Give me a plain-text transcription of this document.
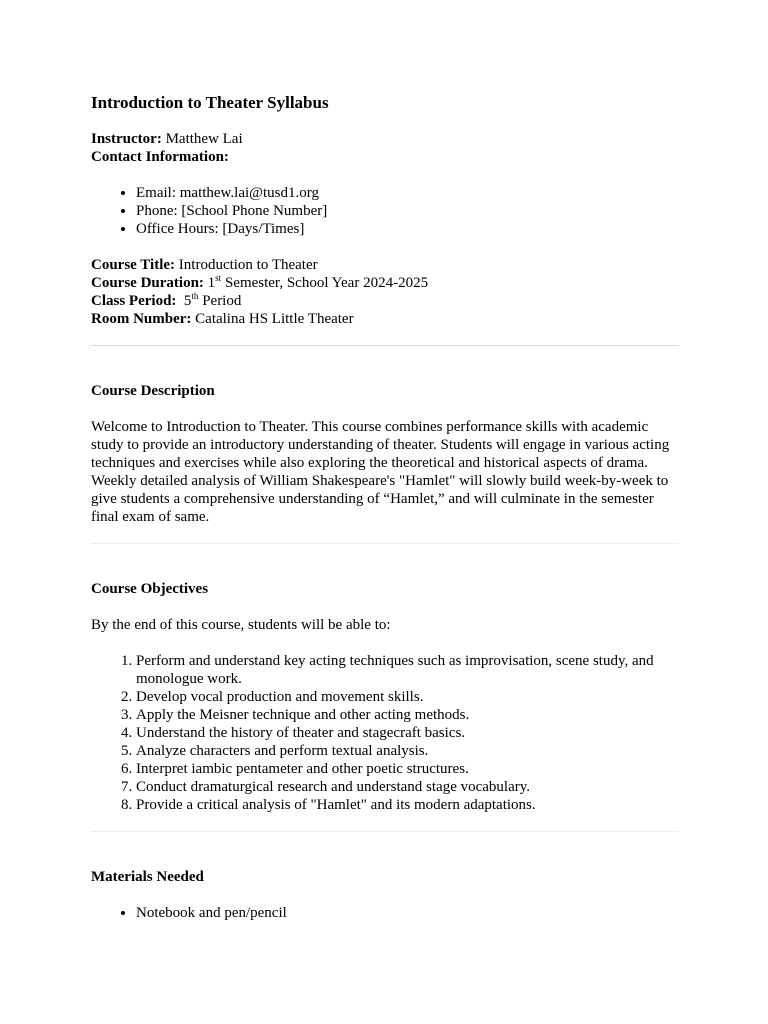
Introduction to Theater Syllabus

Instructor: Matthew Lai

Contact Information:

• Email: matthew.lai@tusd1.org
• Phone: [School Phone Number]
• Office Hours: [Days/Times]

Course Title: Introduction to Theater

Course Duration: 1st Semester, School Year 2024-2025

Class Period: 5th Period

Room Number: Catalina HS Little Theater

Course Description

Welcome to Introduction to Theater. This course combines performance skills with academic study to provide an introductory understanding of theater. Students will engage in various acting techniques and exercises while also exploring the theoretical and historical aspects of drama. Weekly detailed analysis of William Shakespeare's "Hamlet" will slowly build week-by-week to give students a comprehensive understanding of “Hamlet,” and will culminate in the semester final exam of same.

Course Objectives

By the end of this course, students will be able to:

1. Perform and understand key acting techniques such as improvisation, scene study, and monologue work.
2. Develop vocal production and movement skills.
3. Apply the Meisner technique and other acting methods.
4. Understand the history of theater and stagecraft basics.
5. Analyze characters and perform textual analysis.
6. Interpret iambic pentameter and other poetic structures.
7. Conduct dramaturgical research and understand stage vocabulary.
8. Provide a critical analysis of "Hamlet" and its modern adaptations.
Materials Needed
• Notebook and pen/pencil
